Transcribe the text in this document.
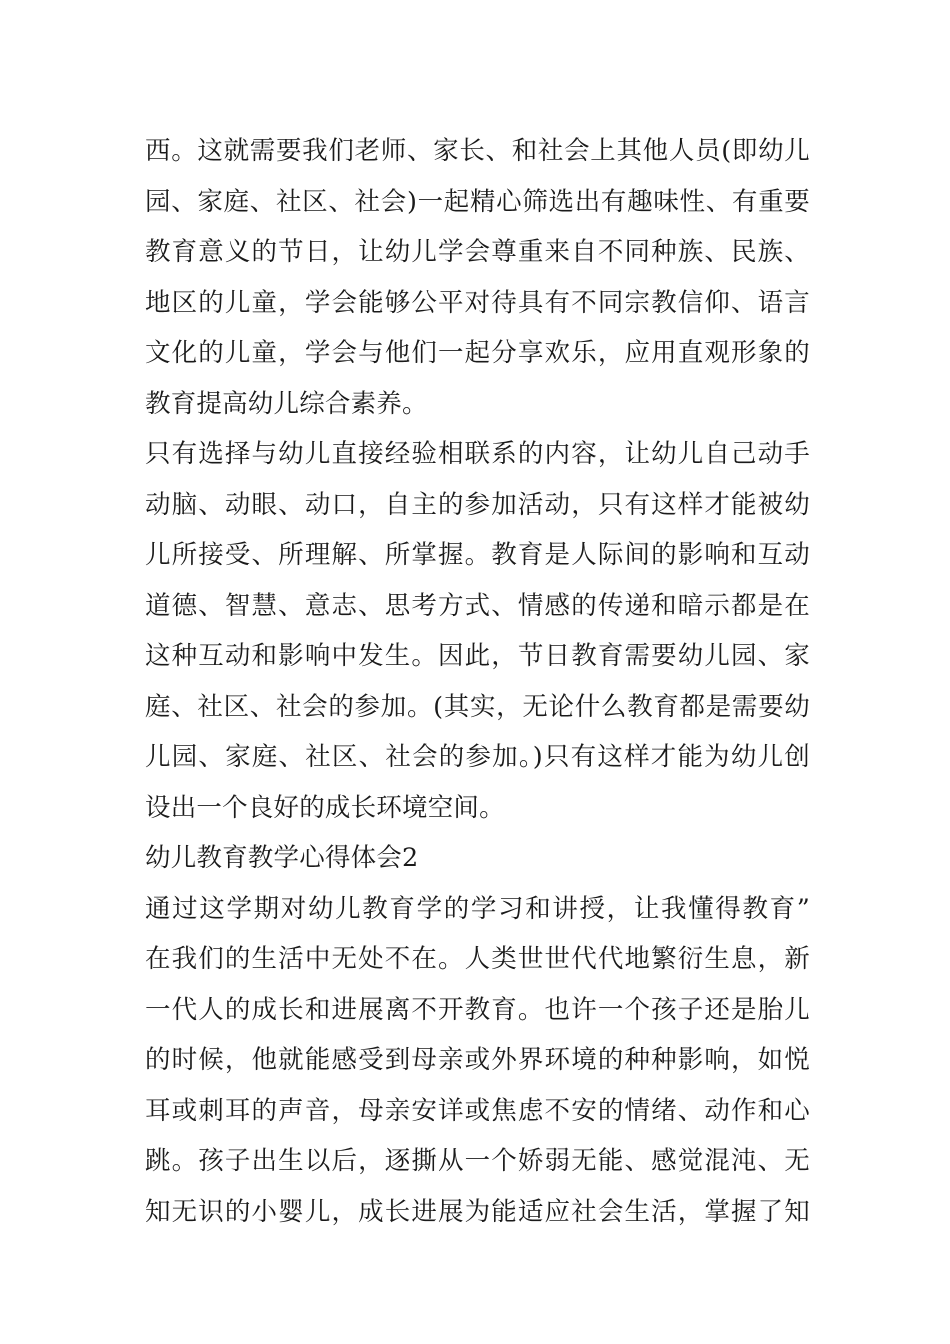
西。这就需要我们老师、家长、和社会上其他人员(即幼儿
园、家庭、社区、社会)一起精心筛选出有趣味性、有重要
教育意义的节日，让幼儿学会尊重来自不同种族、民族、
地区的儿童，学会能够公平对待具有不同宗教信仰、语言
文化的儿童，学会与他们一起分享欢乐，应用直观形象的
教育提高幼儿综合素养。
只有选择与幼儿直接经验相联系的内容，让幼儿自己动手
动脑、动眼、动口，自主的参加活动，只有这样才能被幼
儿所接受、所理解、所掌握。教育是人际间的影响和互动
道德、智慧、意志、思考方式、情感的传递和暗示都是在
这种互动和影响中发生。因此，节日教育需要幼儿园、家
庭、社区、社会的参加。(其实，无论什么教育都是需要幼
儿园、家庭、社区、社会的参加。)只有这样才能为幼儿创
设出一个良好的成长环境空间。
幼儿教育教学心得体会2
通过这学期对幼儿教育学的学习和讲授，让我懂得教育”
在我们的生活中无处不在。人类世世代代地繁衍生息，新
一代人的成长和进展离不开教育。也许一个孩子还是胎儿
的时候，他就能感受到母亲或外界环境的种种影响，如悦
耳或刺耳的声音，母亲安详或焦虑不安的情绪、动作和心
跳。孩子出生以后，逐撕从一个娇弱无能、感觉混沌、无
知无识的小婴儿，成长进展为能适应社会生活，掌握了知
